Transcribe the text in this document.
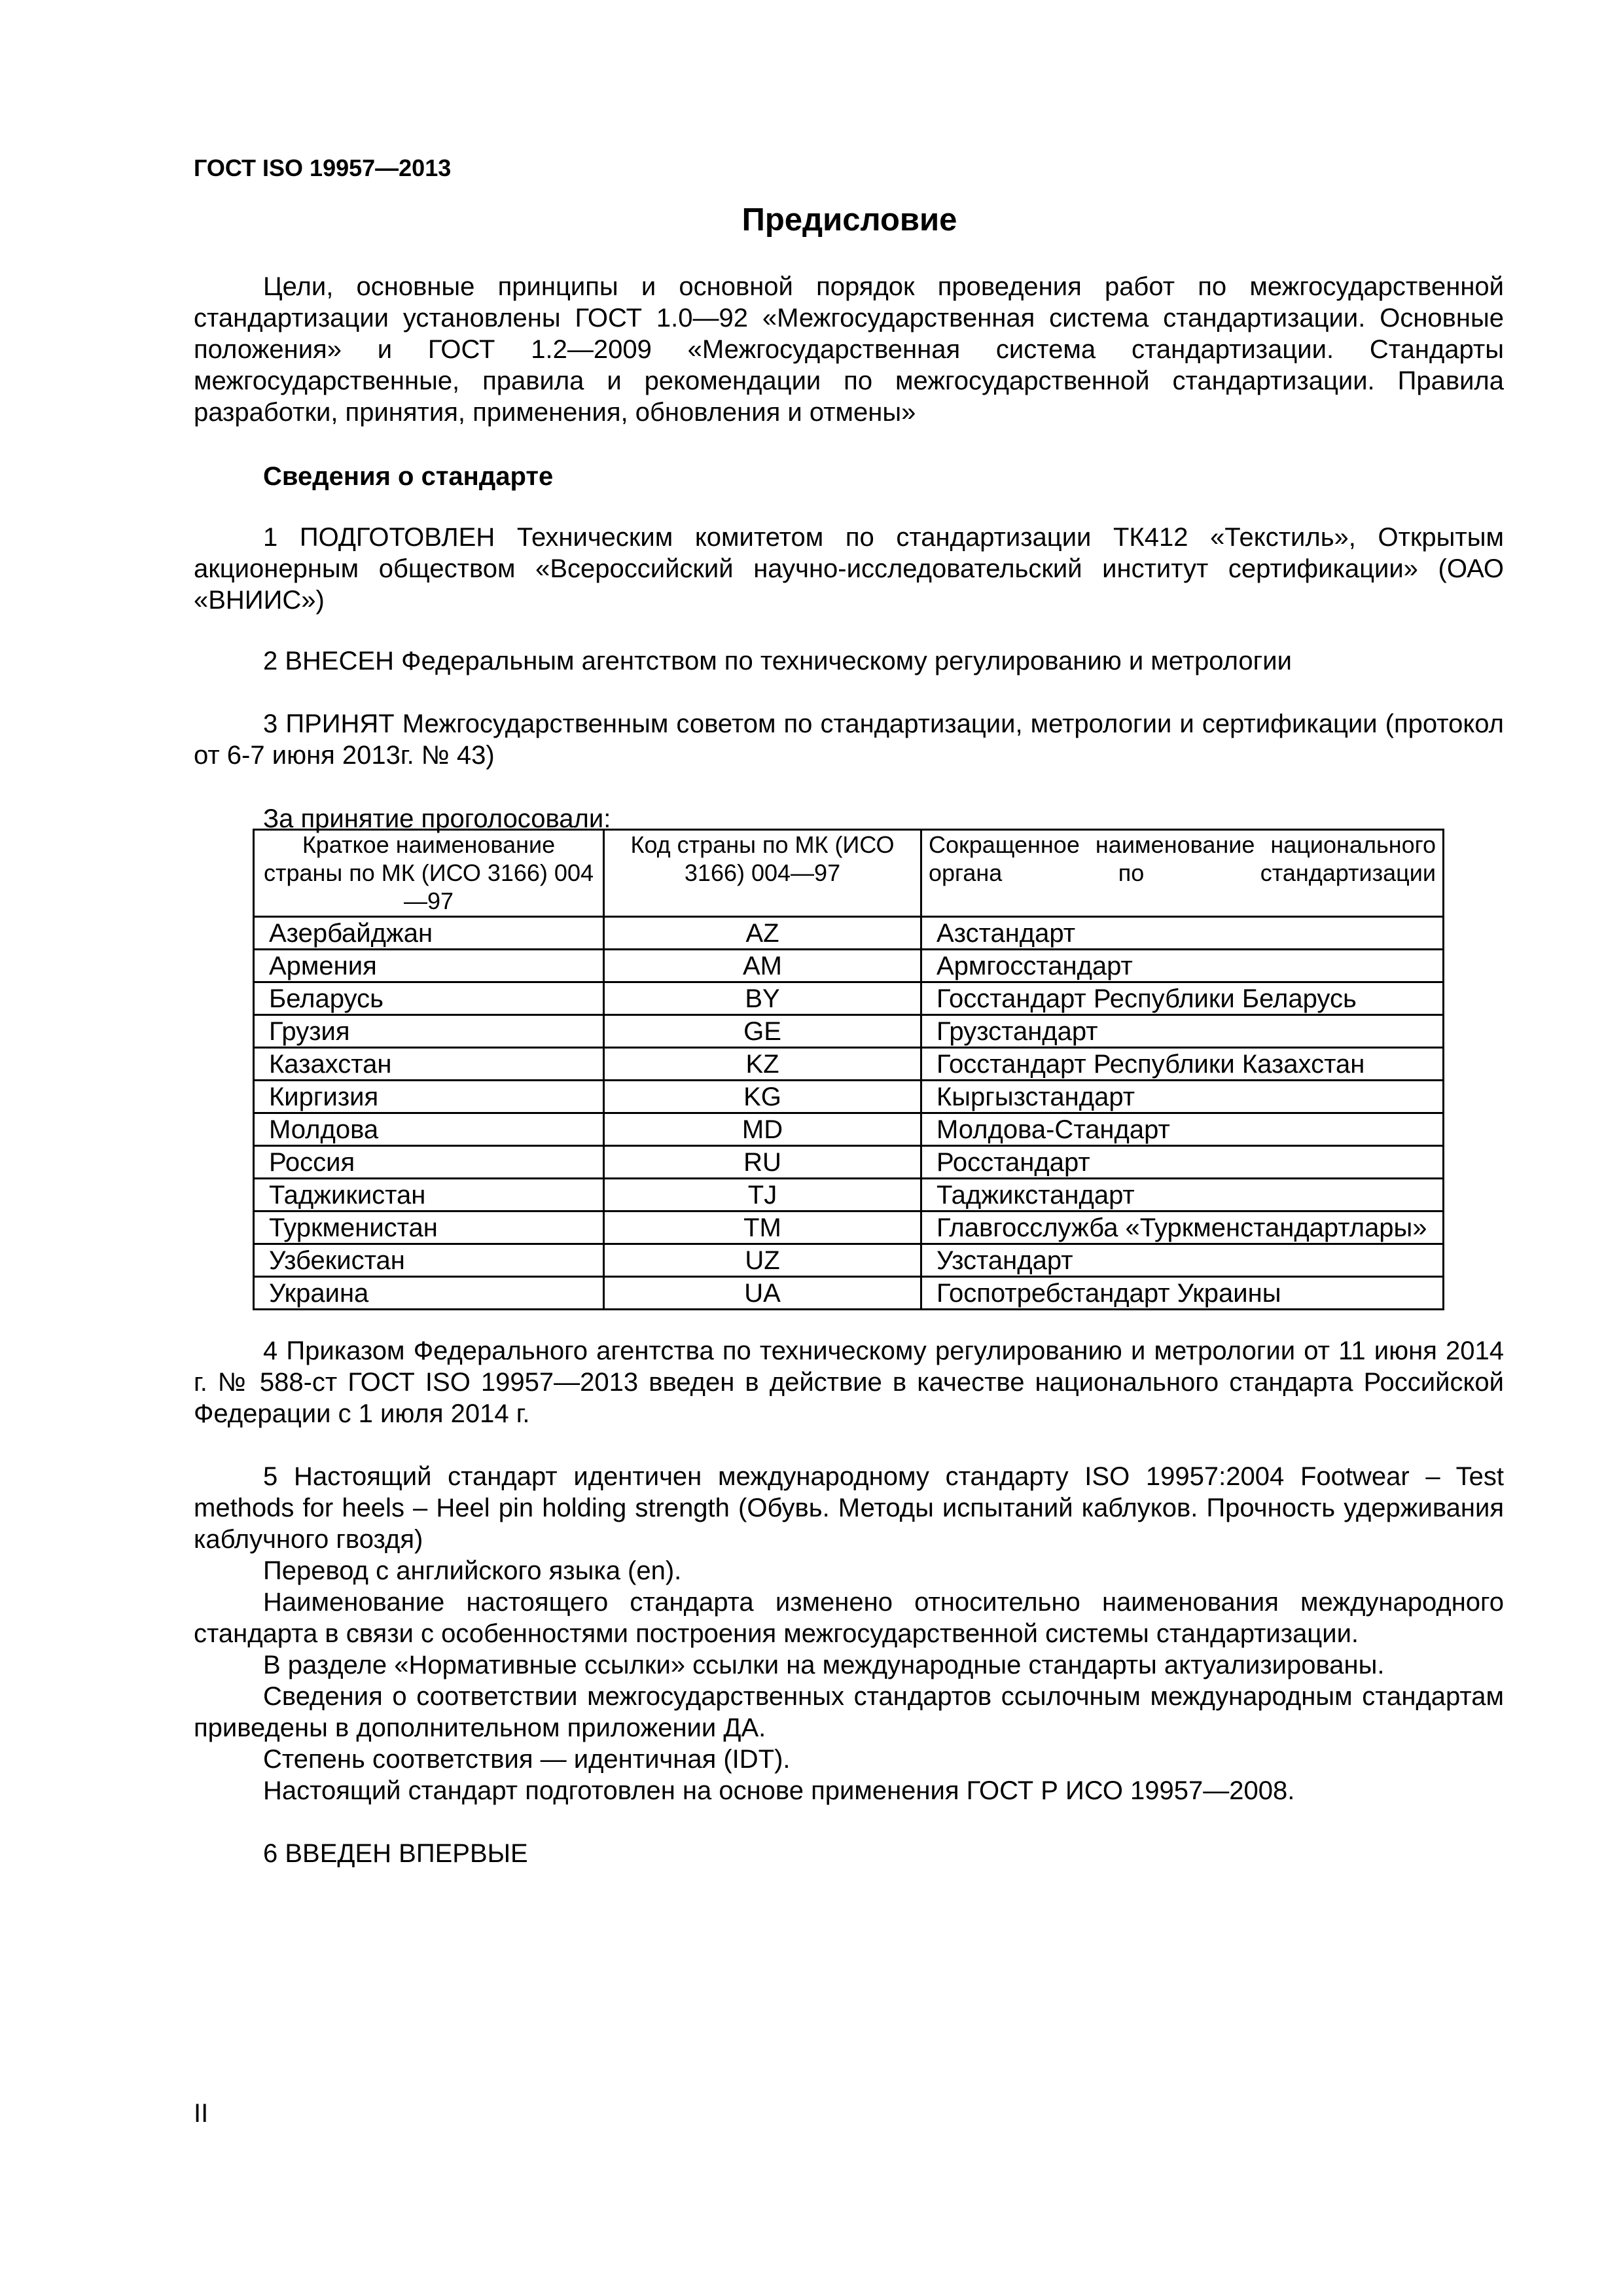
ГОСТ ISO 19957—2013
Предисловие

Цели, основные принципы и основной порядок проведения работ по межгосударственной стандартизации установлены ГОСТ 1.0—92 «Межгосударственная система стандартизации. Основные положения» и ГОСТ 1.2—2009 «Межгосударственная система стандартизации. Стандарты межгосударственные, правила и рекомендации по межгосударственной стандартизации. Правила разработки, принятия, применения, обновления и отмены»

Сведения о стандарте

1 ПОДГОТОВЛЕН Техническим комитетом по стандартизации ТК412 «Текстиль», Открытым акционерным обществом «Всероссийский научно-исследовательский институт сертификации» (ОАО «ВНИИС»)

2 ВНЕСЕН Федеральным агентством по техническому регулированию и метрологии

3 ПРИНЯТ Межгосударственным советом по стандартизации, метрологии и сертификации (протокол от 6-7 июня 2013г. № 43)

За принятие проголосовали:
Краткое наименование страны по МК (ИСО 3166) 004—97	Код страны по МК (ИСО 3166) 004—97	Сокращенное наименование национального органа по стандартизации
Азербайджан	AZ	Азстандарт
Армения	AM	Армгосстандарт
Беларусь	BY	Госстандарт Республики Беларусь
Грузия	GE	Грузстандарт
Казахстан	KZ	Госстандарт Республики Казахстан
Киргизия	KG	Кыргызстандарт
Молдова	MD	Молдова-Стандарт
Россия	RU	Росстандарт
Таджикистан	TJ	Таджикстандарт
Туркменистан	TM	Главгосслужба «Туркменстандартлары»
Узбекистан	UZ	Узстандарт
Украина	UA	Госпотребстандарт Украины

4 Приказом Федерального агентства по техническому регулированию и метрологии от 11 июня 2014 г. № 588-ст ГОСТ ISO 19957—2013 введен в действие в качестве национального стандарта Российской Федерации с 1 июля 2014 г.

5 Настоящий стандарт идентичен международному стандарту ISO 19957:2004 Footwear – Test methods for heels – Heel pin holding strength (Обувь. Методы испытаний каблуков. Прочность удерживания каблучного гвоздя)

Перевод с английского языка (en).

Наименование настоящего стандарта изменено относительно наименования международного стандарта в связи с особенностями построения межгосударственной системы стандартизации.

В разделе «Нормативные ссылки» ссылки на международные стандарты актуализированы.

Сведения о соответствии межгосударственных стандартов ссылочным международным стандартам приведены в дополнительном приложении ДА.

Степень соответствия — идентичная (IDT).
Настоящий стандарт подготовлен на основе применения ГОСТ Р ИСО 19957—2008.
6 ВВЕДЕН ВПЕРВЫЕ
II
